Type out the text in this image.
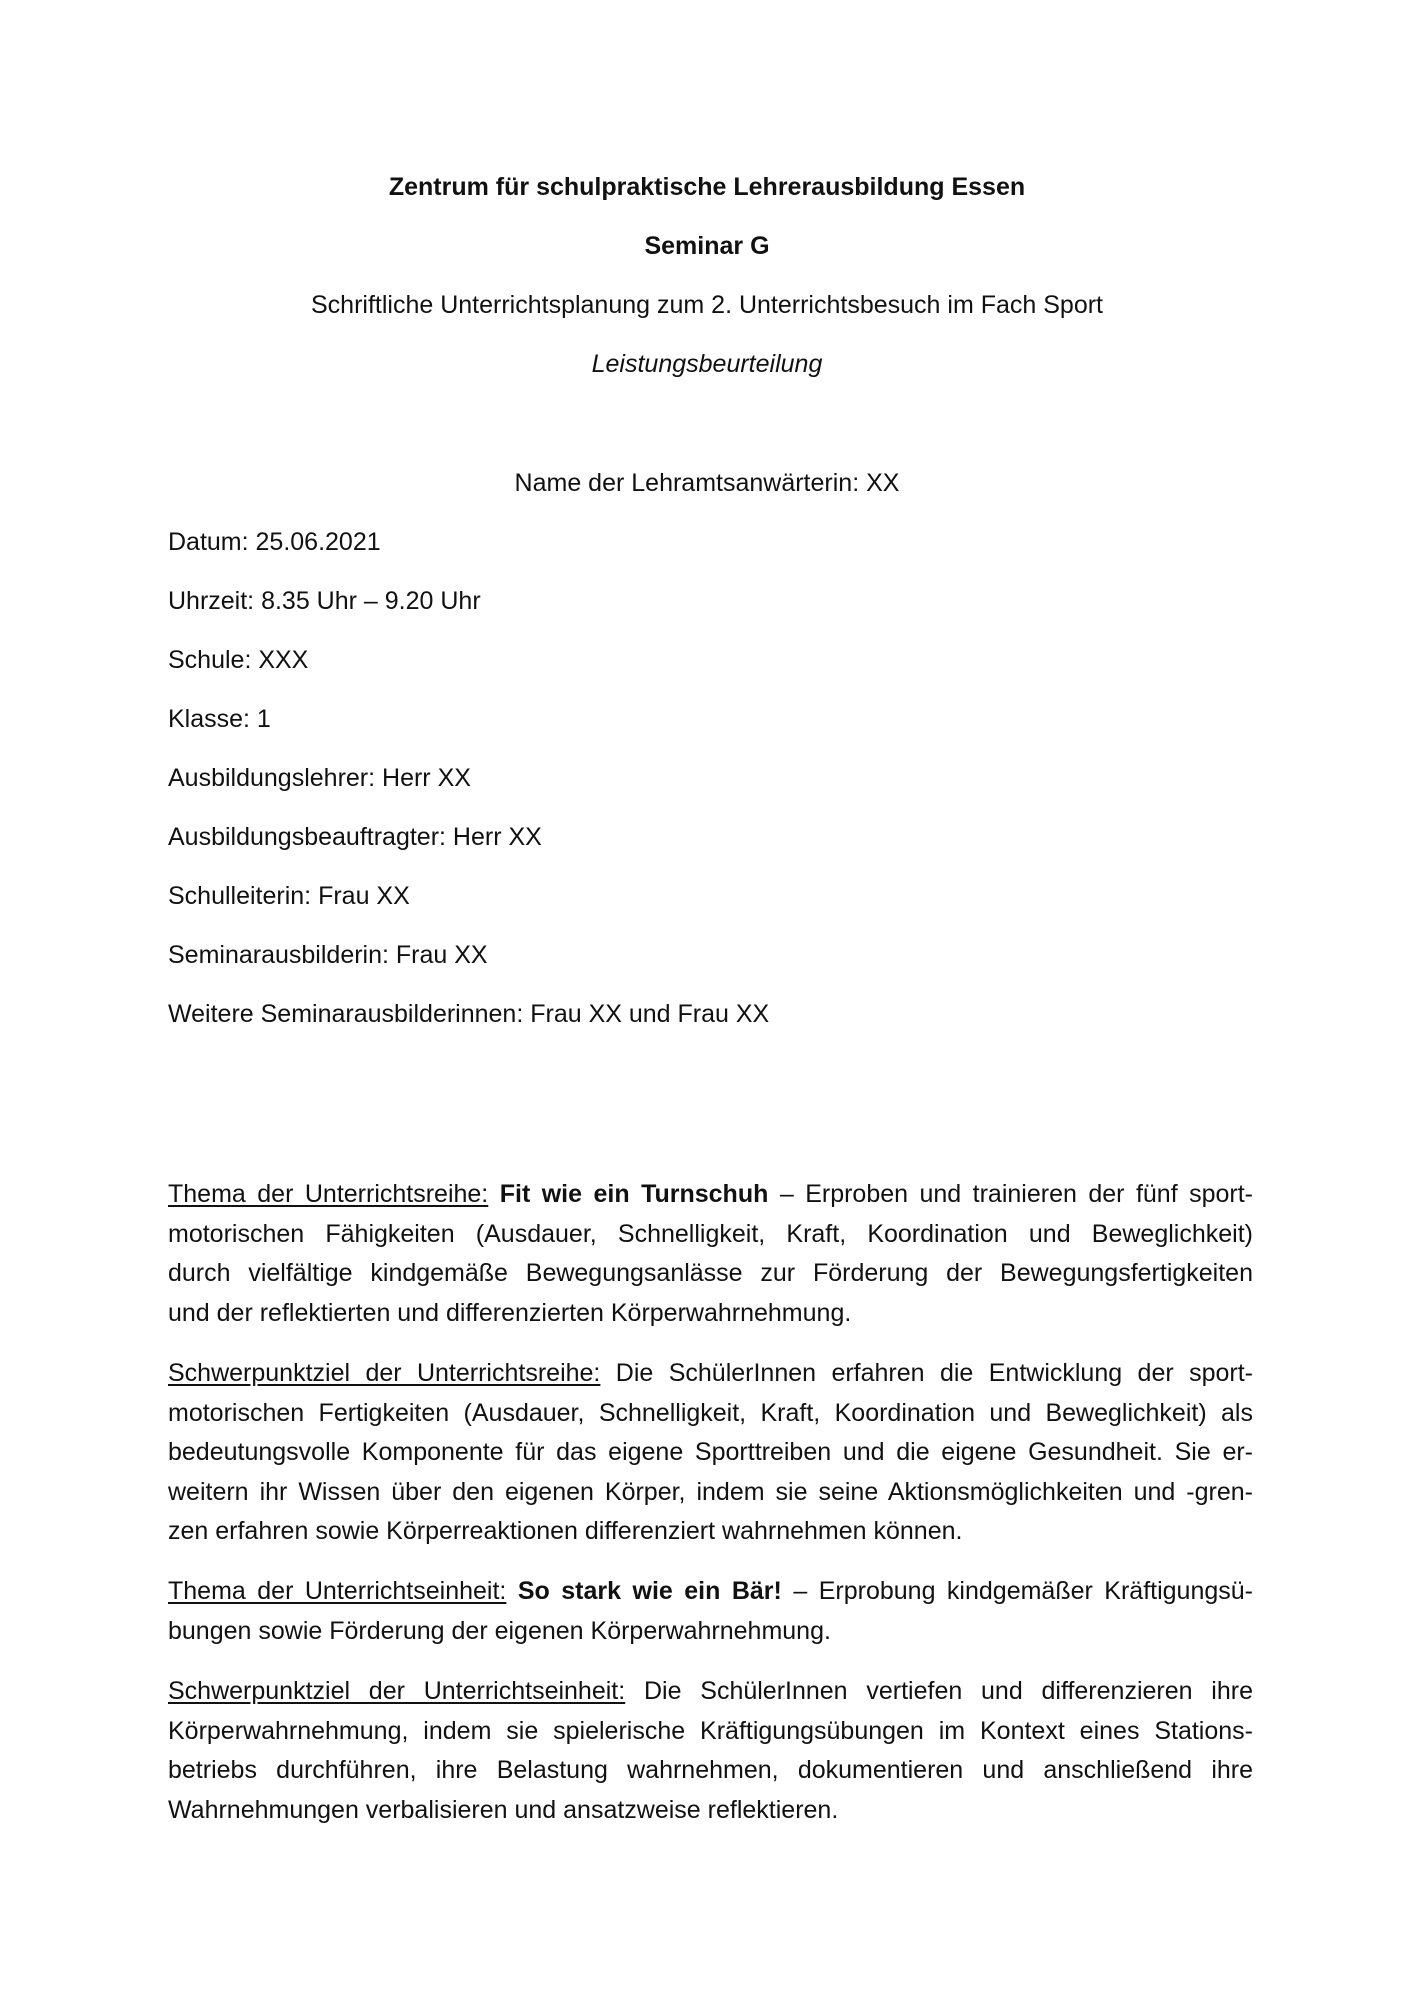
Zentrum für schulpraktische Lehrerausbildung Essen
Seminar G
Schriftliche Unterrichtsplanung zum 2. Unterrichtsbesuch im Fach Sport
Leistungsbeurteilung
Name der Lehramtsanwärterin: XX
Datum: 25.06.2021
Uhrzeit: 8.35 Uhr – 9.20 Uhr
Schule: XXX
Klasse: 1
Ausbildungslehrer: Herr XX
Ausbildungsbeauftragter: Herr XX
Schulleiterin: Frau XX
Seminarausbilderin: Frau XX
Weitere Seminarausbilderinnen: Frau XX und Frau XX
Thema der Unterrichtsreihe: Fit wie ein Turnschuh – Erproben und trainieren der fünf sport-
motorischen Fähigkeiten (Ausdauer, Schnelligkeit, Kraft, Koordination und Beweglichkeit)
durch vielfältige kindgemäße Bewegungsanlässe zur Förderung der Bewegungsfertigkeiten
und der reflektierten und differenzierten Körperwahrnehmung.
Schwerpunktziel der Unterrichtsreihe: Die SchülerInnen erfahren die Entwicklung der sport-
motorischen Fertigkeiten (Ausdauer, Schnelligkeit, Kraft, Koordination und Beweglichkeit) als
bedeutungsvolle Komponente für das eigene Sporttreiben und die eigene Gesundheit. Sie er-
weitern ihr Wissen über den eigenen Körper, indem sie seine Aktionsmöglichkeiten und -gren-
zen erfahren sowie Körperreaktionen differenziert wahrnehmen können.
Thema der Unterrichtseinheit: So stark wie ein Bär! – Erprobung kindgemäßer Kräftigungsü-
bungen sowie Förderung der eigenen Körperwahrnehmung.
Schwerpunktziel der Unterrichtseinheit: Die SchülerInnen vertiefen und differenzieren ihre
Körperwahrnehmung, indem sie spielerische Kräftigungsübungen im Kontext eines Stations-
betriebs durchführen, ihre Belastung wahrnehmen, dokumentieren und anschließend ihre
Wahrnehmungen verbalisieren und ansatzweise reflektieren.
